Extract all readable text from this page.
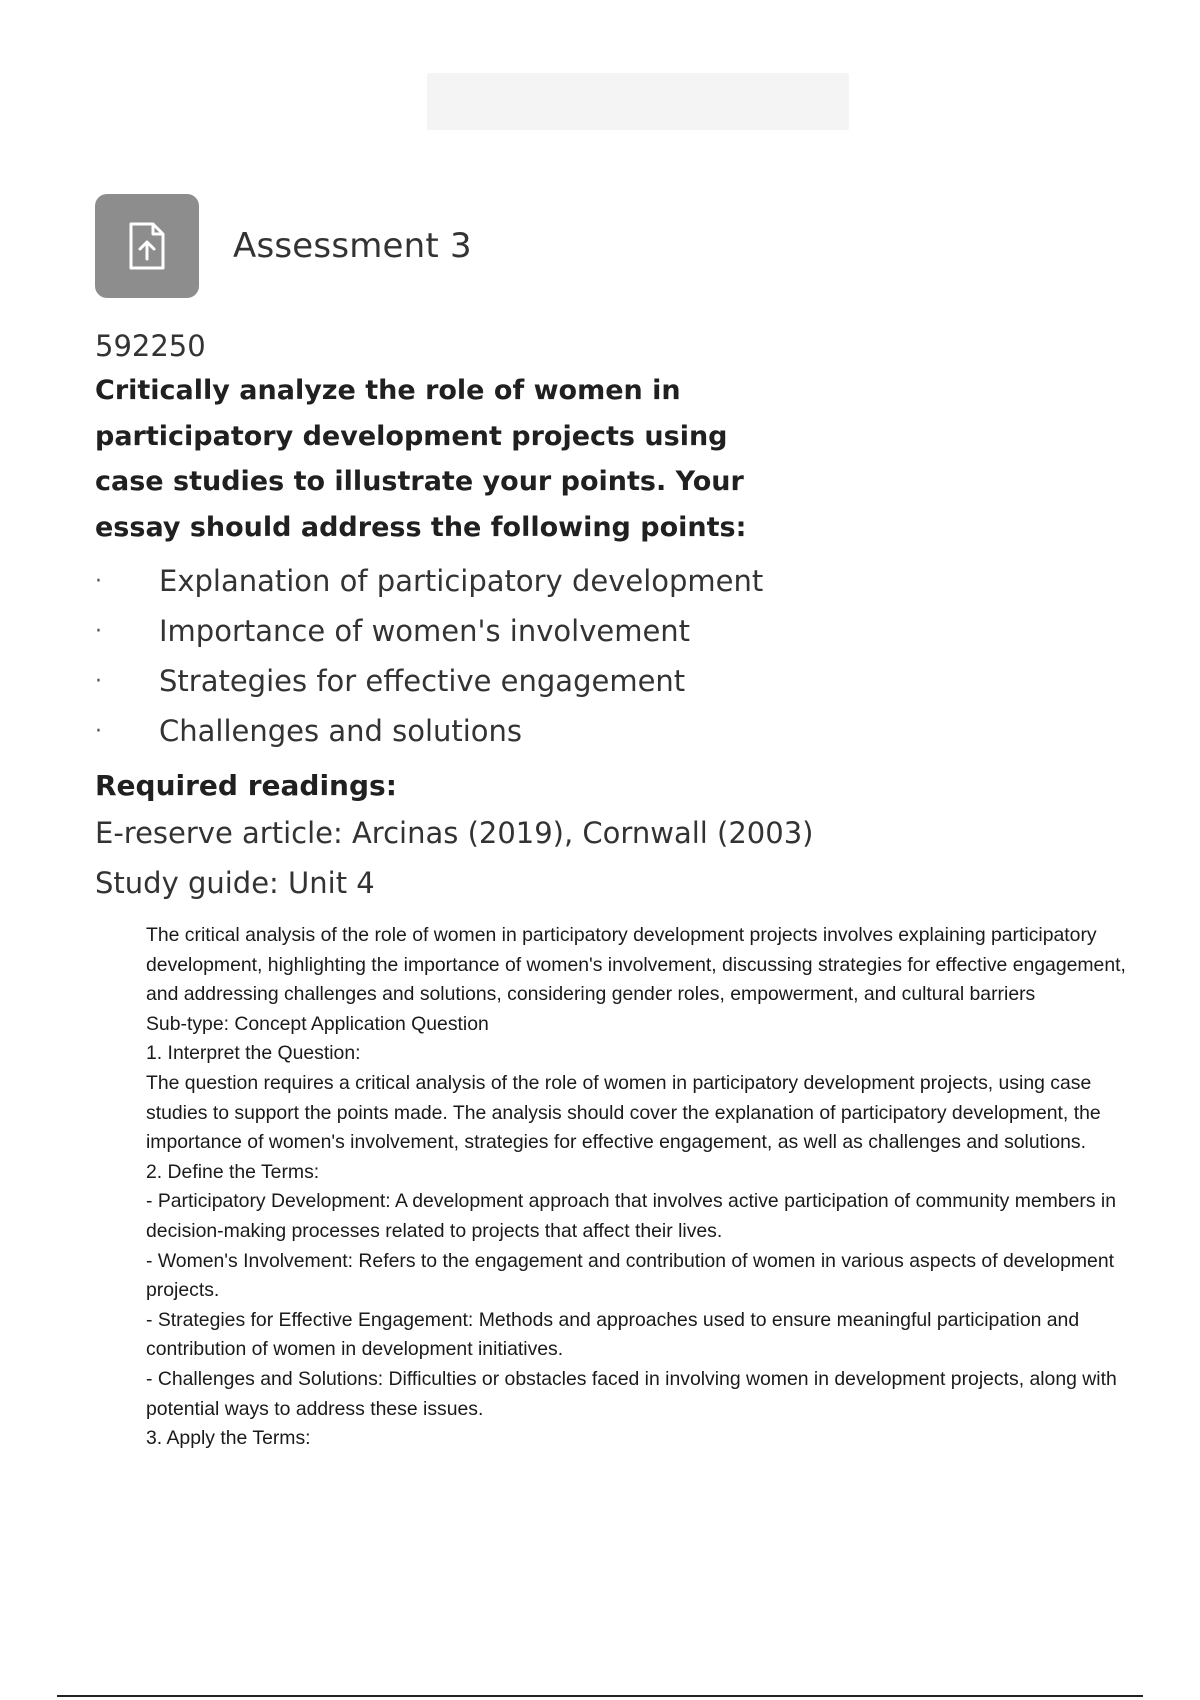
Assessment 3
592250
Critically analyze the role of women in participatory development projects using case studies to illustrate your points. Your essay should address the following points:
·	Explanation of participatory development
·	Importance of women's involvement
·	Strategies for effective engagement
·	Challenges and solutions
Required readings:
E-reserve article: Arcinas (2019), Cornwall (2003)
Study guide: Unit 4

The critical analysis of the role of women in participatory development projects involves explaining participatory development, highlighting the importance of women's involvement, discussing strategies for effective engagement, and addressing challenges and solutions, considering gender roles, empowerment, and cultural barriers

Sub-type: Concept Application Question

1. Interpret the Question:

The question requires a critical analysis of the role of women in participatory development projects, using case studies to support the points made. The analysis should cover the explanation of participatory development, the importance of women's involvement, strategies for effective engagement, as well as challenges and solutions.

2. Define the Terms:

- Participatory Development: A development approach that involves active participation of community members in decision-making processes related to projects that affect their lives.

- Women's Involvement: Refers to the engagement and contribution of women in various aspects of development projects.

- Strategies for Effective Engagement: Methods and approaches used to ensure meaningful participation and contribution of women in development initiatives.

- Challenges and Solutions: Difficulties or obstacles faced in involving women in development projects, along with potential ways to address these issues.

3. Apply the Terms:
